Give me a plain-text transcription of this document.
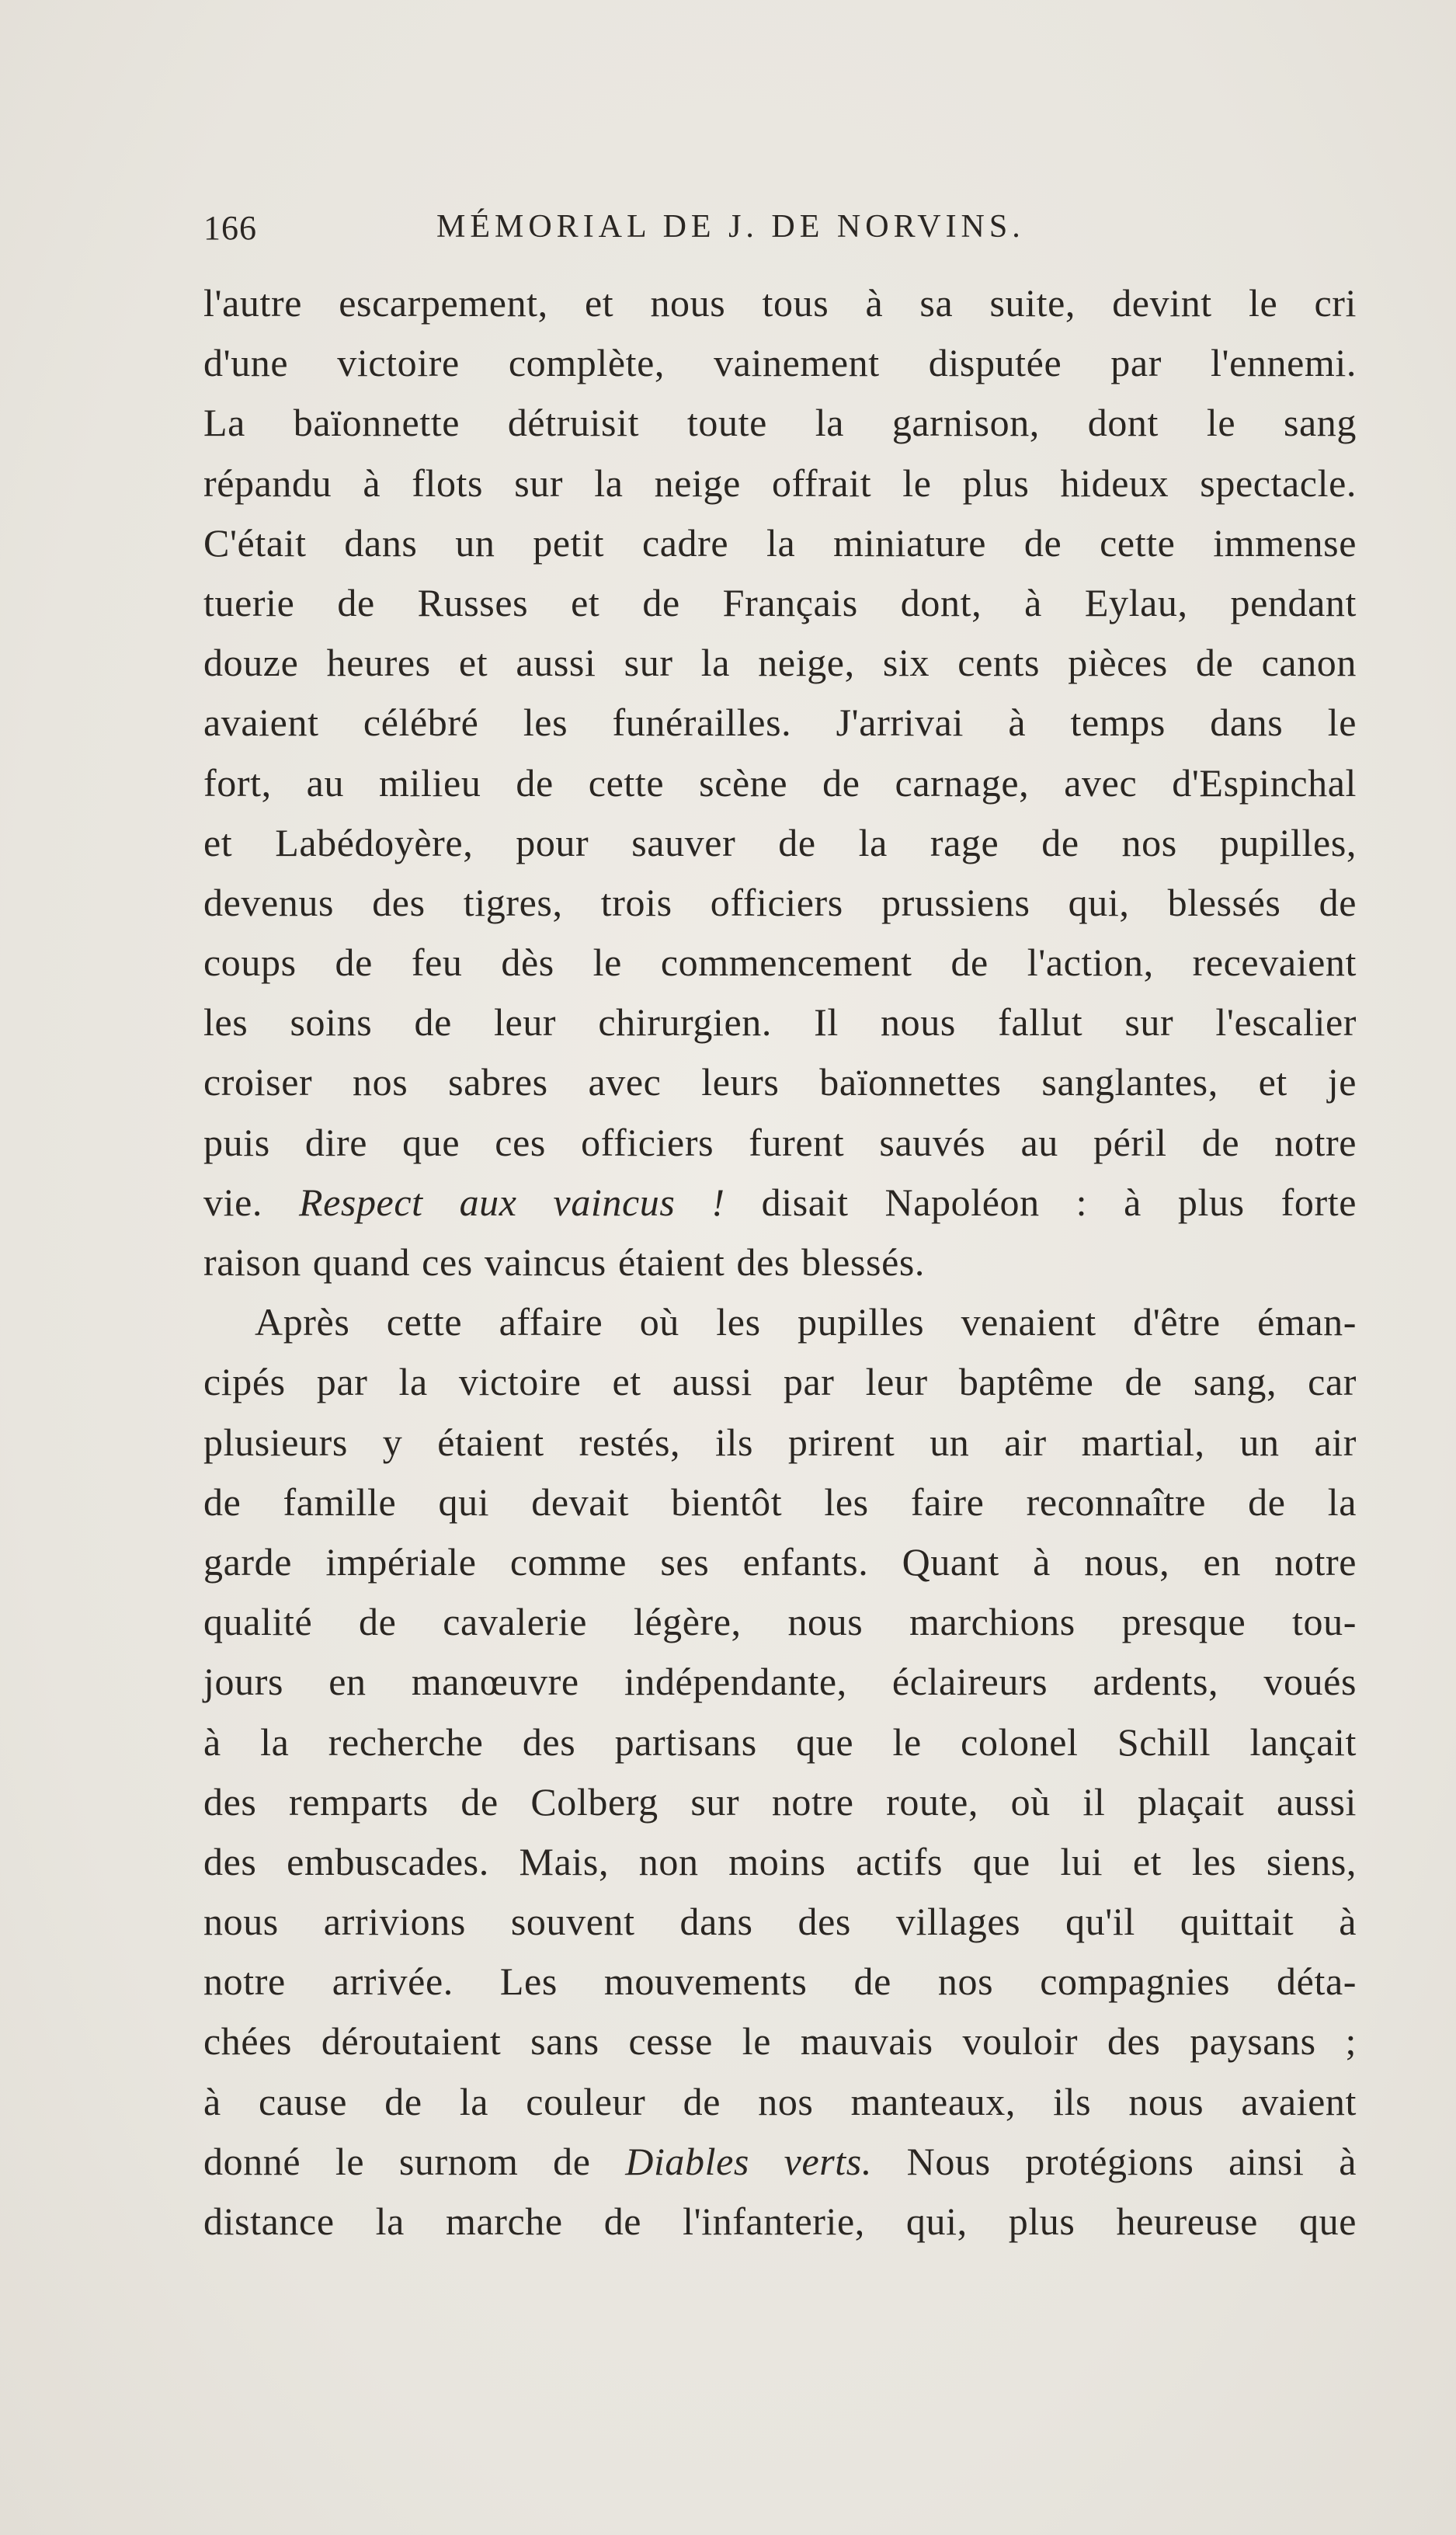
166	MÉMORIAL DE J. DE NORVINS.
l'autre escarpement, et nous tous à sa suite, devint le cri
d'une victoire complète, vainement disputée par l'ennemi.
La baïonnette détruisit toute la garnison, dont le sang
répandu à flots sur la neige offrait le plus hideux spectacle.
C'était dans un petit cadre la miniature de cette immense
tuerie de Russes et de Français dont, à Eylau, pendant
douze heures et aussi sur la neige, six cents pièces de canon
avaient célébré les funérailles. J'arrivai à temps dans le
fort, au milieu de cette scène de carnage, avec d'Espinchal
et Labédoyère, pour sauver de la rage de nos pupilles,
devenus des tigres, trois officiers prussiens qui, blessés de
coups de feu dès le commencement de l'action, recevaient
les soins de leur chirurgien. Il nous fallut sur l'escalier
croiser nos sabres avec leurs baïonnettes sanglantes, et je
puis dire que ces officiers furent sauvés au péril de notre
vie. Respect aux vaincus ! disait Napoléon : à plus forte
raison quand ces vaincus étaient des blessés.
Après cette affaire où les pupilles venaient d'être éman-
cipés par la victoire et aussi par leur baptême de sang, car
plusieurs y étaient restés, ils prirent un air martial, un air
de famille qui devait bientôt les faire reconnaître de la
garde impériale comme ses enfants. Quant à nous, en notre
qualité de cavalerie légère, nous marchions presque tou-
jours en manœuvre indépendante, éclaireurs ardents, voués
à la recherche des partisans que le colonel Schill lançait
des remparts de Colberg sur notre route, où il plaçait aussi
des embuscades. Mais, non moins actifs que lui et les siens,
nous arrivions souvent dans des villages qu'il quittait à
notre arrivée. Les mouvements de nos compagnies déta-
chées déroutaient sans cesse le mauvais vouloir des paysans ;
à cause de la couleur de nos manteaux, ils nous avaient
donné le surnom de Diables verts. Nous protégions ainsi à
distance la marche de l'infanterie, qui, plus heureuse que
